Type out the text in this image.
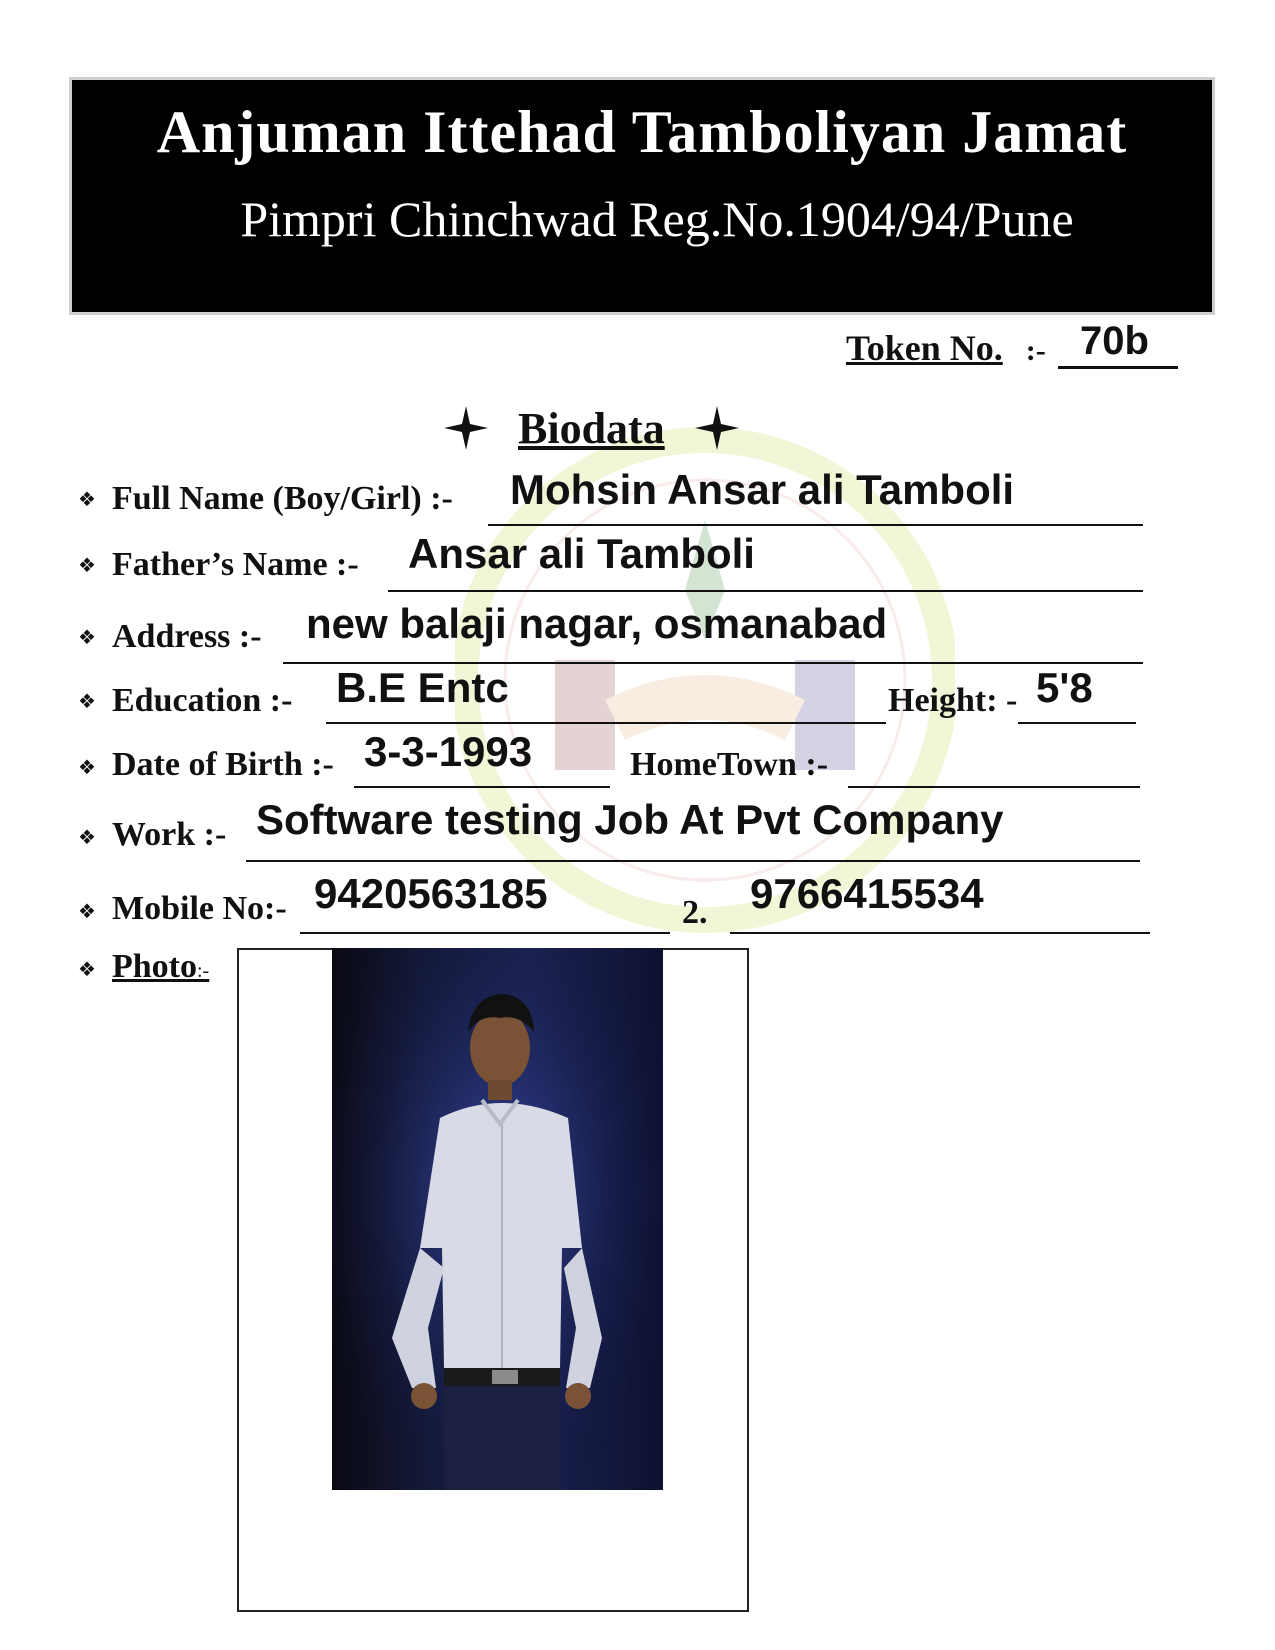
Anjuman Ittehad Tamboliyan Jamat
Pimpri Chinchwad Reg.No.1904/94/Pune
Token No. :- 70b
Biodata
❖ Full Name (Boy/Girl) :- Mohsin Ansar ali Tamboli
❖ Father’s Name :- Ansar ali Tamboli
❖ Address :- new balaji nagar, osmanabad
❖ Education :- B.E Entc	Height: - 5'8
❖ Date of Birth :- 3-3-1993	HomeTown :-
❖ Work :- Software testing Job At Pvt Company
❖ Mobile No:- 9420563185	2. 9766415534
❖ Photo:-
